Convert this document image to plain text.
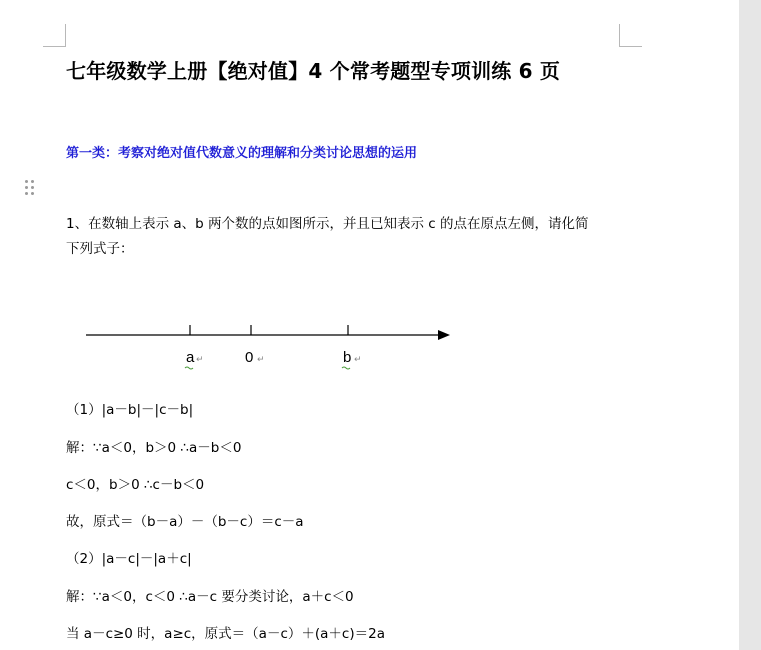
七年级数学上册【绝对值】4 个常考题型专项训练 6 页
第一类：考察对绝对值代数意义的理解和分类讨论思想的运用
1、在数轴上表示 a、b 两个数的点如图所示，并且已知表示 c 的点在原点左侧，请化简
下列式子：
a	0	b
↵	↵	↵
（1）|a－b|－|c－b|
解：∵a＜0，b＞0 ∴a－b＜0
c＜0，b＞0 ∴c－b＜0
故，原式＝（b－a）－（b－c）＝c－a
（2）|a－c|－|a＋c|
解：∵a＜0，c＜0 ∴a－c 要分类讨论，a＋c＜0
当 a－c≥0 时，a≥c，原式＝（a－c）＋(a＋c)＝2a
